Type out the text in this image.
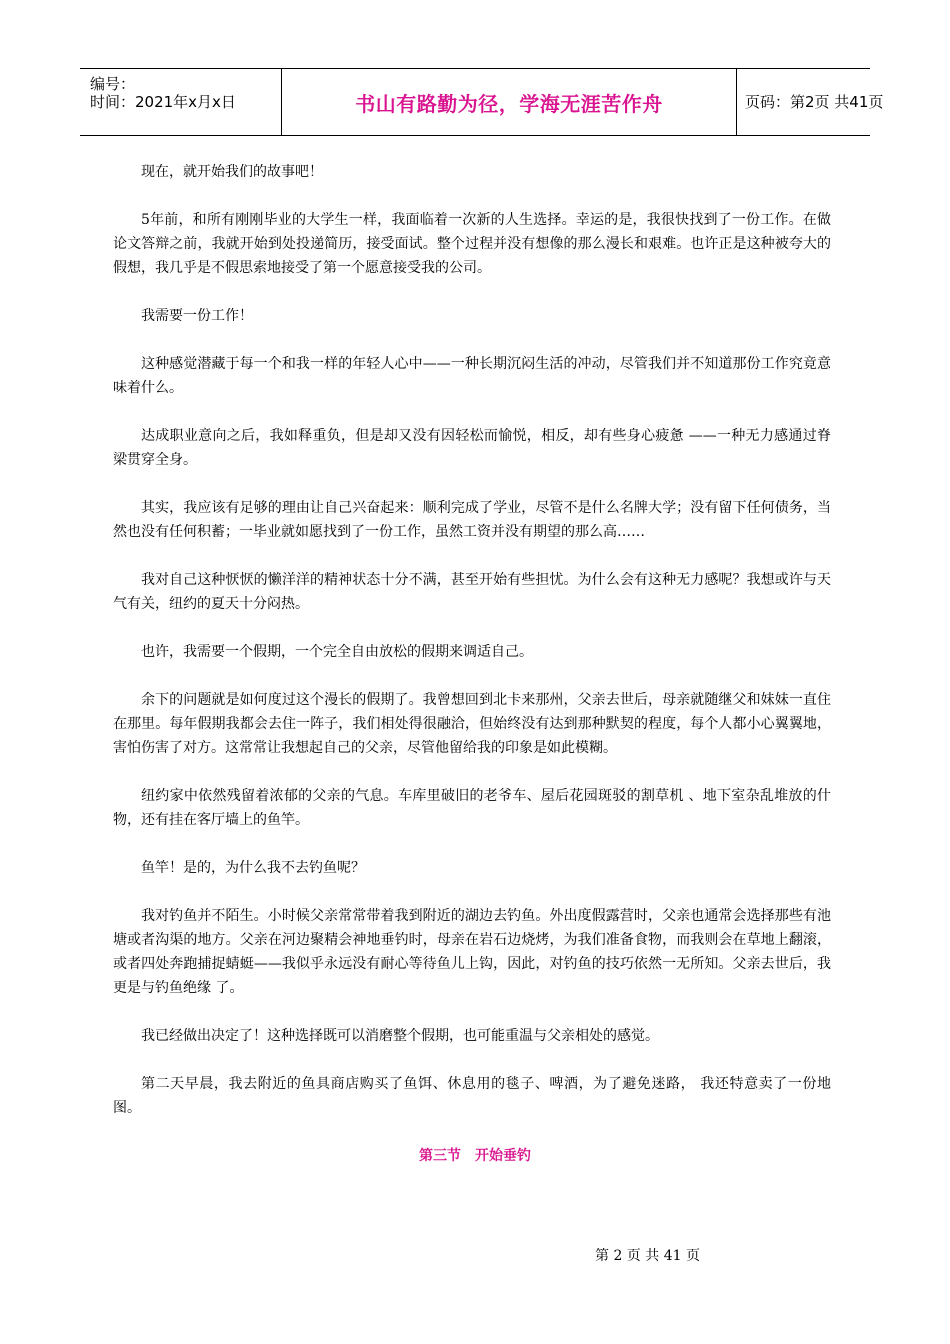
编号：
时间：2021年x月x日	书山有路勤为径，学海无涯苦作舟	页码：第2页 共41页

现在，就开始我们的故事吧！

5年前，和所有刚刚毕业的大学生一样，我面临着一次新的人生选择。幸运的是，我很快找到了一份工作。在做论文答辩之前，我就开始到处投递简历，接受面试。整个过程并没有想像的那么漫长和艰难。也许正是这种被夸大的假想，我几乎是不假思索地接受了第一个愿意接受我的公司。

我需要一份工作！

这种感觉潜藏于每一个和我一样的年轻人心中——一种长期沉闷生活的冲动，尽管我们并不知道那份工作究竟意味着什么。

达成职业意向之后，我如释重负，但是却又没有因轻松而愉悦，相反，却有些身心疲惫 ——一种无力感通过脊梁贯穿全身。

其实，我应该有足够的理由让自己兴奋起来：顺利完成了学业，尽管不是什么名牌大学；没有留下任何债务，当然也没有任何积蓄；一毕业就如愿找到了一份工作，虽然工资并没有期望的那么高……

我对自己这种恹恹的懒洋洋的精神状态十分不满，甚至开始有些担忧。为什么会有这种无力感呢？我想或许与天气有关，纽约的夏天十分闷热。

也许，我需要一个假期，一个完全自由放松的假期来调适自己。

余下的问题就是如何度过这个漫长的假期了。我曾想回到北卡来那州，父亲去世后，母亲就随继父和妹妹一直住在那里。每年假期我都会去住一阵子，我们相处得很融洽，但始终没有达到那种默契的程度，每个人都小心翼翼地，害怕伤害了对方。这常常让我想起自己的父亲，尽管他留给我的印象是如此模糊。

纽约家中依然残留着浓郁的父亲的气息。车库里破旧的老爷车、屋后花园斑驳的割草机 、地下室杂乱堆放的什物，还有挂在客厅墙上的鱼竿。

鱼竿！是的，为什么我不去钓鱼呢？

我对钓鱼并不陌生。小时候父亲常常带着我到附近的湖边去钓鱼。外出度假露营时，父亲也通常会选择那些有池塘或者沟渠的地方。父亲在河边聚精会神地垂钓时，母亲在岩石边烧烤，为我们准备食物，而我则会在草地上翻滚，或者四处奔跑捕捉蜻蜓——我似乎永远没有耐心等待鱼儿上钩，因此，对钓鱼的技巧依然一无所知。父亲去世后，我更是与钓鱼绝缘 了。

我已经做出决定了！这种选择既可以消磨整个假期，也可能重温与父亲相处的感觉。

第二天早晨，我去附近的鱼具商店购买了鱼饵、休息用的毯子、啤酒，为了避免迷路， 我还特意卖了一份地图。

第三节　开始垂钓
第 2 页 共 41 页
